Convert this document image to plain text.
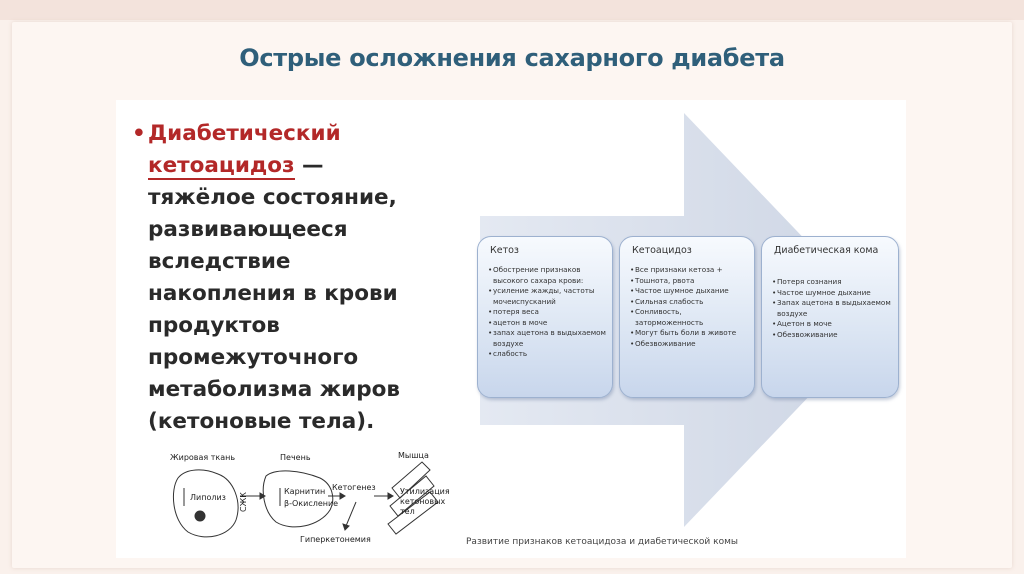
Острые осложнения сахарного диабета
• Диабетический
кетоацидоз —
тяжёлое состояние,
развивающееся
вследствие
накопления в крови
продуктов
промежуточного
метаболизма жиров
(кетоновые тела).
Кетоз
• Обострение признаков высокого сахара крови:
• усиление жажды, частоты мочеиспусканий
• потеря веса
• ацетон в моче
• запах ацетона в выдыхаемом воздухе
• слабость
Кетоацидоз
• Все признаки кетоза +
• Тошнота, рвота
• Частое шумное дыхание
• Сильная слабость
• Сонливость, заторможенность
• Могут быть боли в животе
• Обезвоживание
Диабетическая кома
• Потеря сознания
• Частое шумное дыхание
• Запах ацетона в выдыхаемом воздухе
• Ацетон в моче
• Обезвоживание
Развитие признаков кетоацидоза и диабетической комы
Жировая ткань	Печень	Мышца
Липолиз СЖК
Карнитин
β-Окисление
Кетогенез	Утилизация
кетоновых
тел
Гиперкетонемия
